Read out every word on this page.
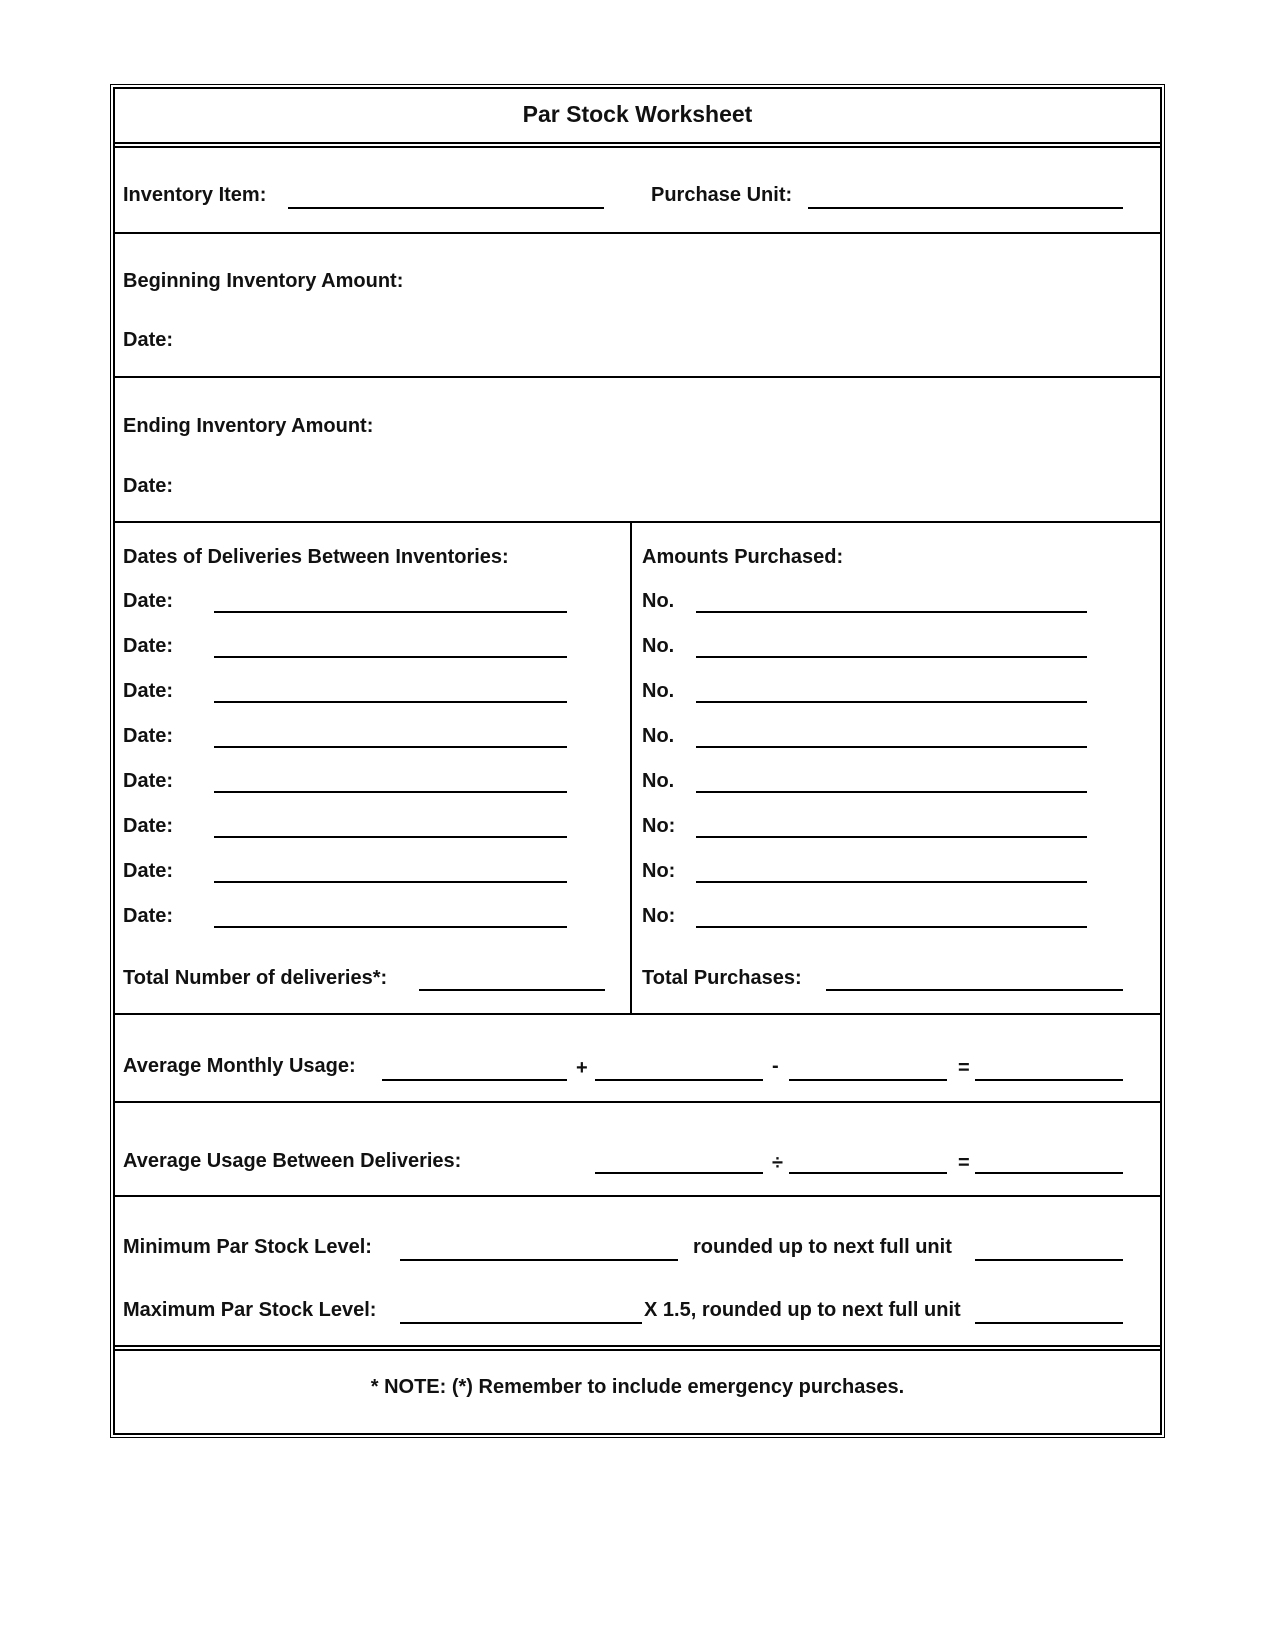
Par Stock Worksheet
Inventory Item:	Purchase Unit:
Beginning Inventory Amount:
Date:
Ending Inventory Amount:
Date:
Dates of Deliveries Between Inventories:	Amounts Purchased:
Date:	No.
Date:	No.
Date:	No.
Date:	No.
Date:	No.
Date:	No:
Date:	No:
Date:	No:
Total Number of deliveries*:	Total Purchases:
Average Monthly Usage:	+	-	=
Average Usage Between Deliveries:	÷	=
Minimum Par Stock Level:	rounded up to next full unit
Maximum Par Stock Level:	X 1.5, rounded up to next full unit
* NOTE: (*) Remember to include emergency purchases.
